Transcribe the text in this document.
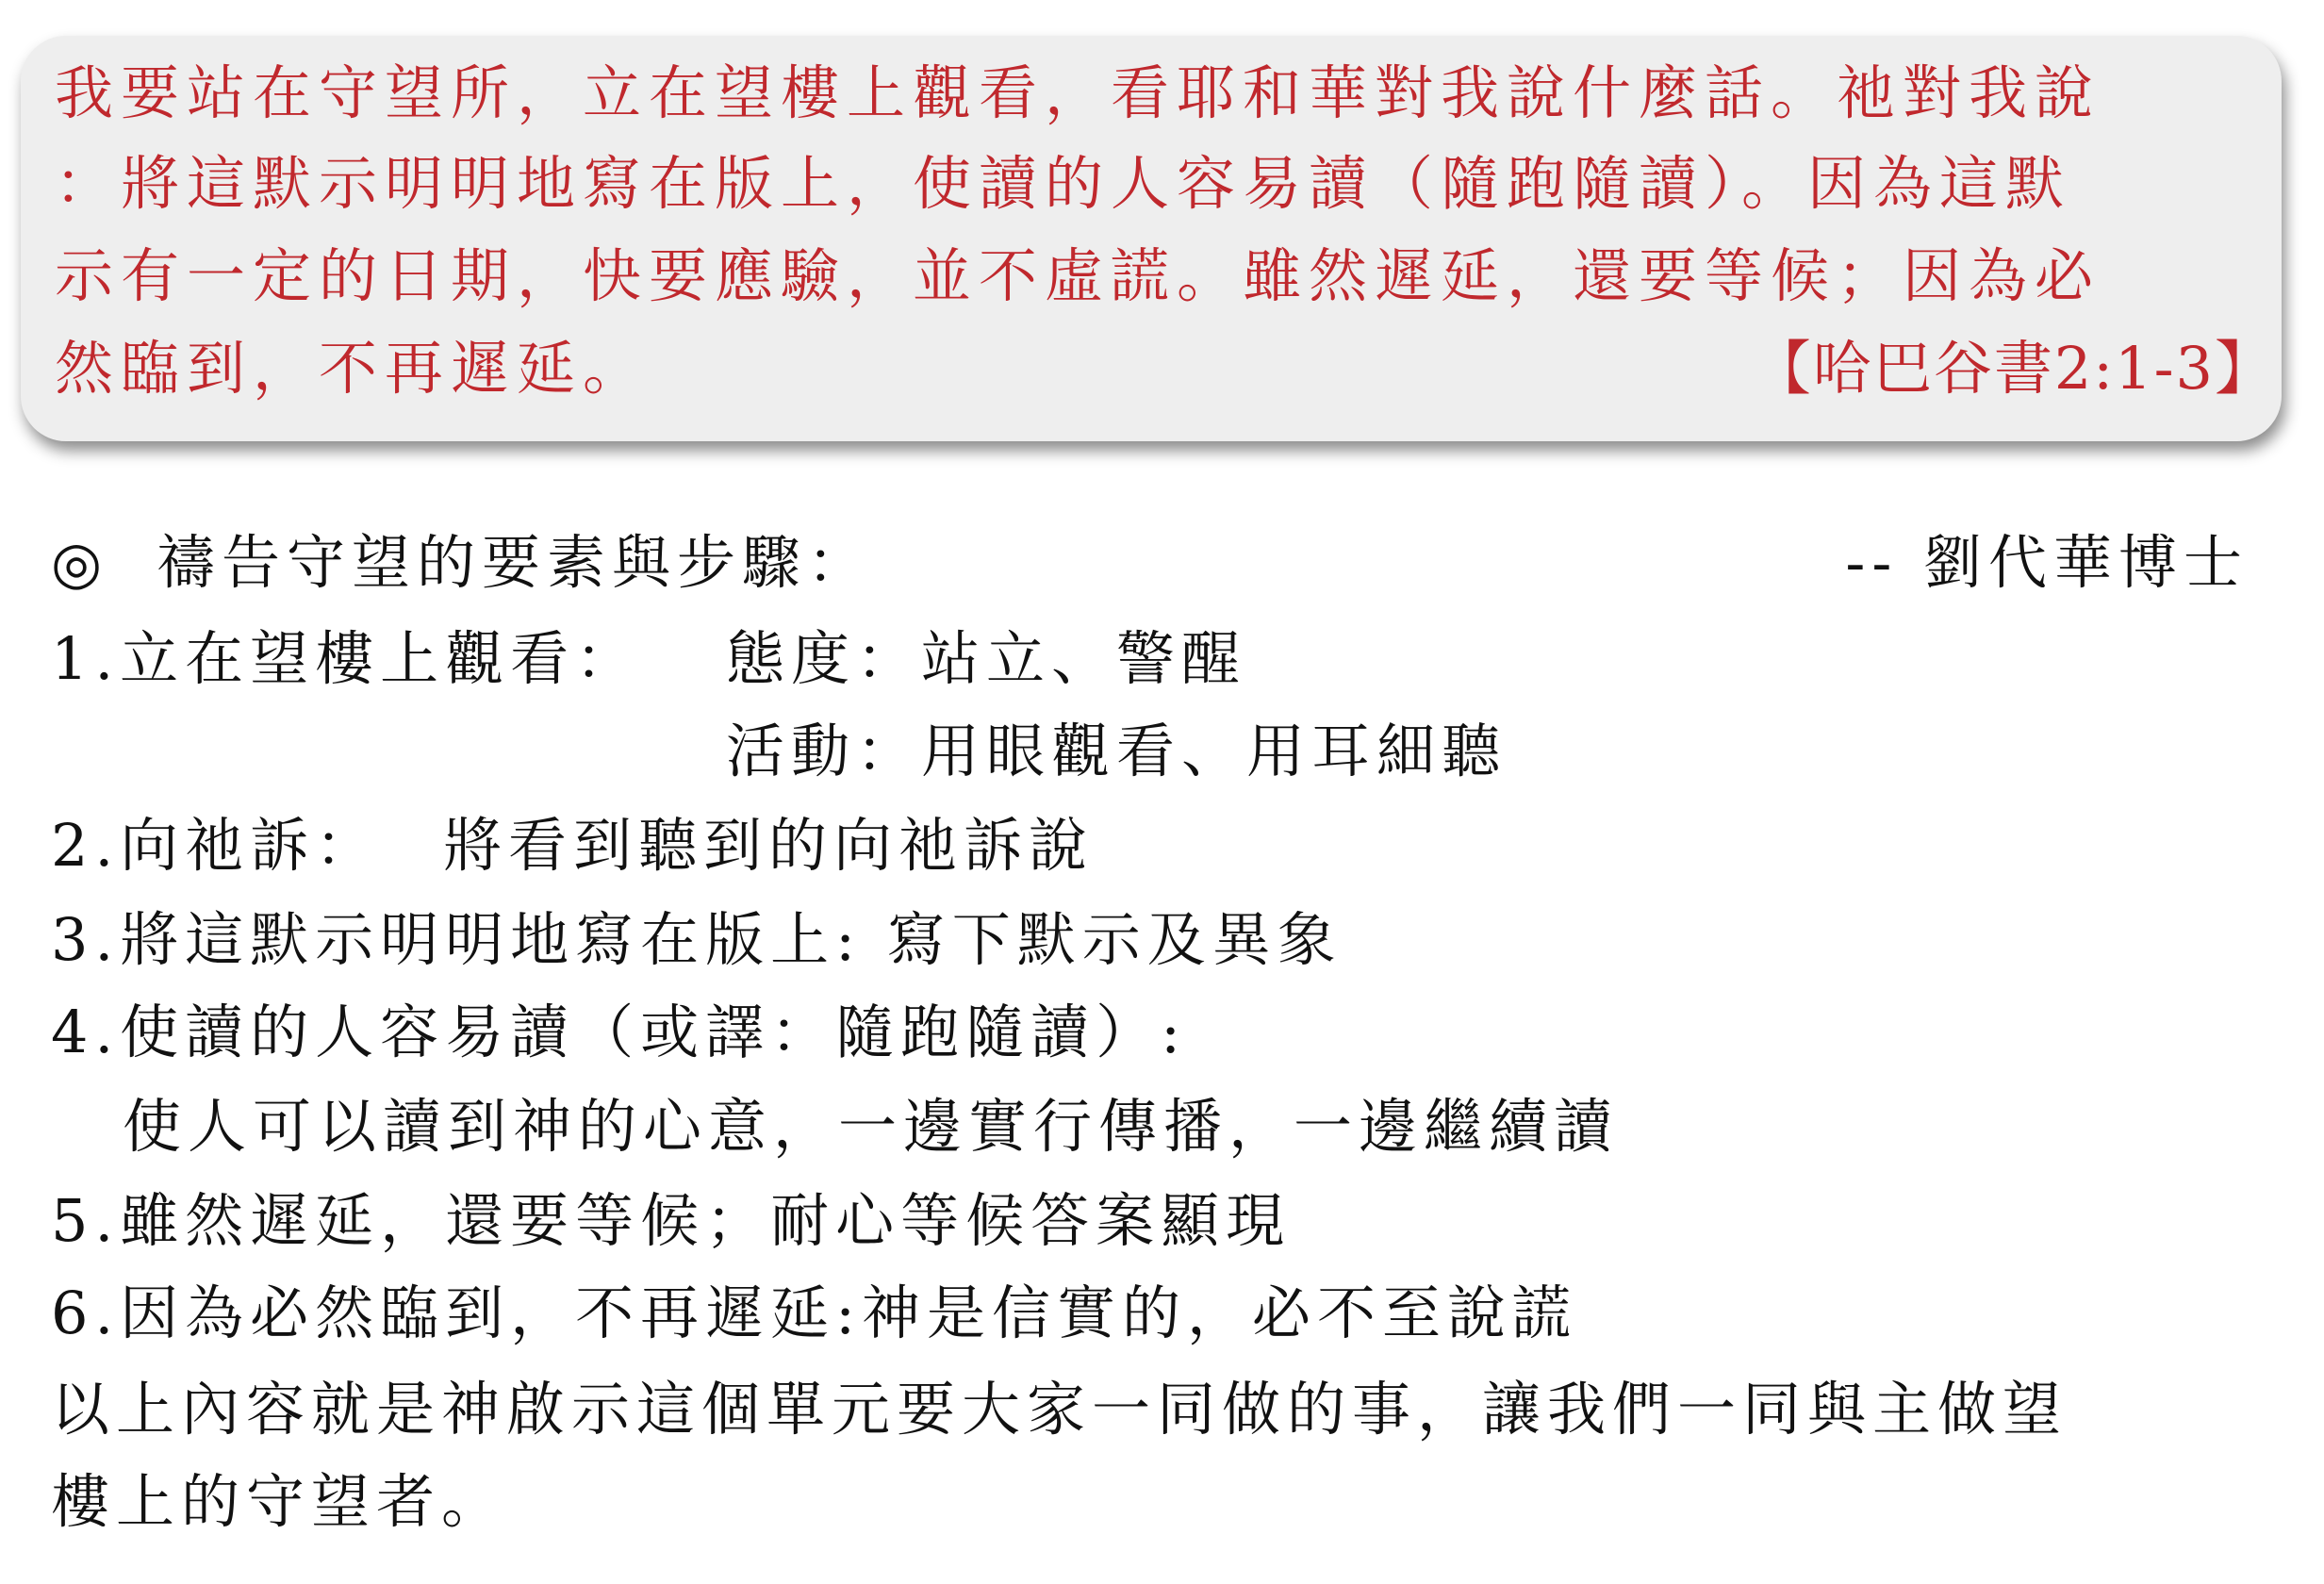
我要站在守望所，立在望樓上觀看，看耶和華對我說什麼話。祂對我說
：將這默示明明地寫在版上，使讀的人容易讀（隨跑隨讀）。因為這默
示有一定的日期，快要應驗，並不虛謊。雖然遲延，還要等候；因為必
然臨到，不再遲延。	【哈巴谷書2:1-3】
◎ 禱告守望的要素與步驟：	-- 劉代華博士
1.立在望樓上觀看： 態度：站立、警醒
活動：用眼觀看、用耳細聽
2.向祂訴： 將看到聽到的向祂訴說
3.將這默示明明地寫在版上: 寫下默示及異象
4.使讀的人容易讀（或譯：隨跑隨讀）:
使人可以讀到神的心意，一邊實行傳播，一邊繼續讀
5.雖然遲延，還要等候；耐心等候答案顯現
6.因為必然臨到，不再遲延:神是信實的，必不至說謊
以上內容就是神啟示這個單元要大家一同做的事，讓我們一同與主做望
樓上的守望者。
